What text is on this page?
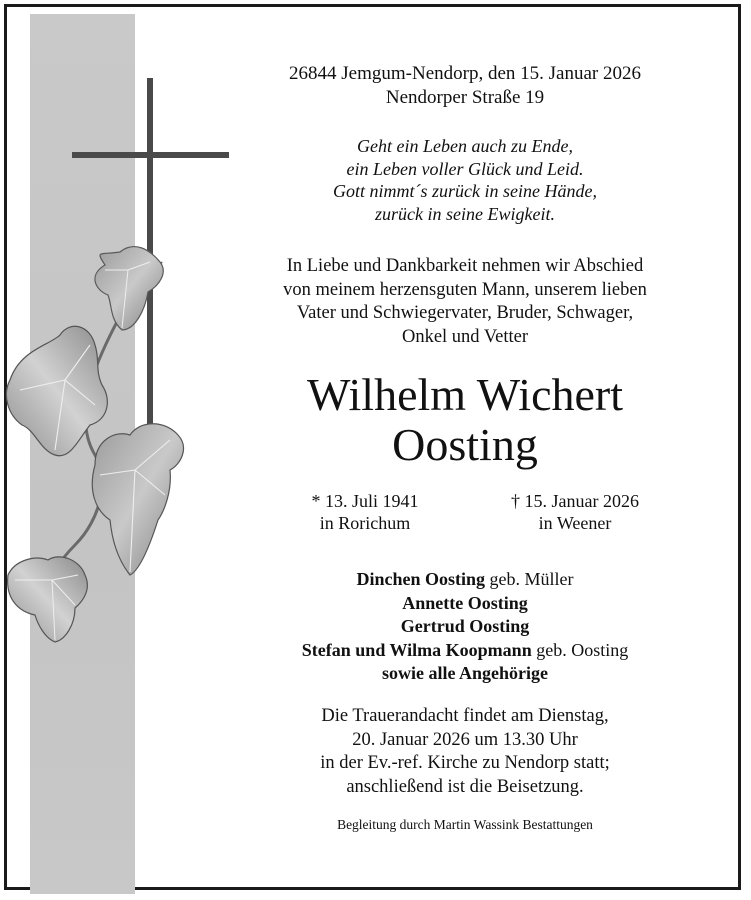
26844 Jemgum-Nendorp, den 15. Januar 2026
Nendorper Straße 19
Geht ein Leben auch zu Ende,
ein Leben voller Glück und Leid.
Gott nimmt´s zurück in seine Hände,
zurück in seine Ewigkeit.
In Liebe und Dankbarkeit nehmen wir Abschied
von meinem herzensguten Mann, unserem lieben
Vater und Schwiegervater, Bruder, Schwager,
Onkel und Vetter
Wilhelm Wichert
Oosting
* 13. Juli 1941
in Rorichum
† 15. Januar 2026
in Weener
Dinchen Oosting geb. Müller
Annette Oosting
Gertrud Oosting
Stefan und Wilma Koopmann geb. Oosting
sowie alle Angehörige
Die Trauerandacht findet am Dienstag,
20. Januar 2026 um 13.30 Uhr
in der Ev.-ref. Kirche zu Nendorp statt;
anschließend ist die Beisetzung.
Begleitung durch Martin Wassink Bestattungen
